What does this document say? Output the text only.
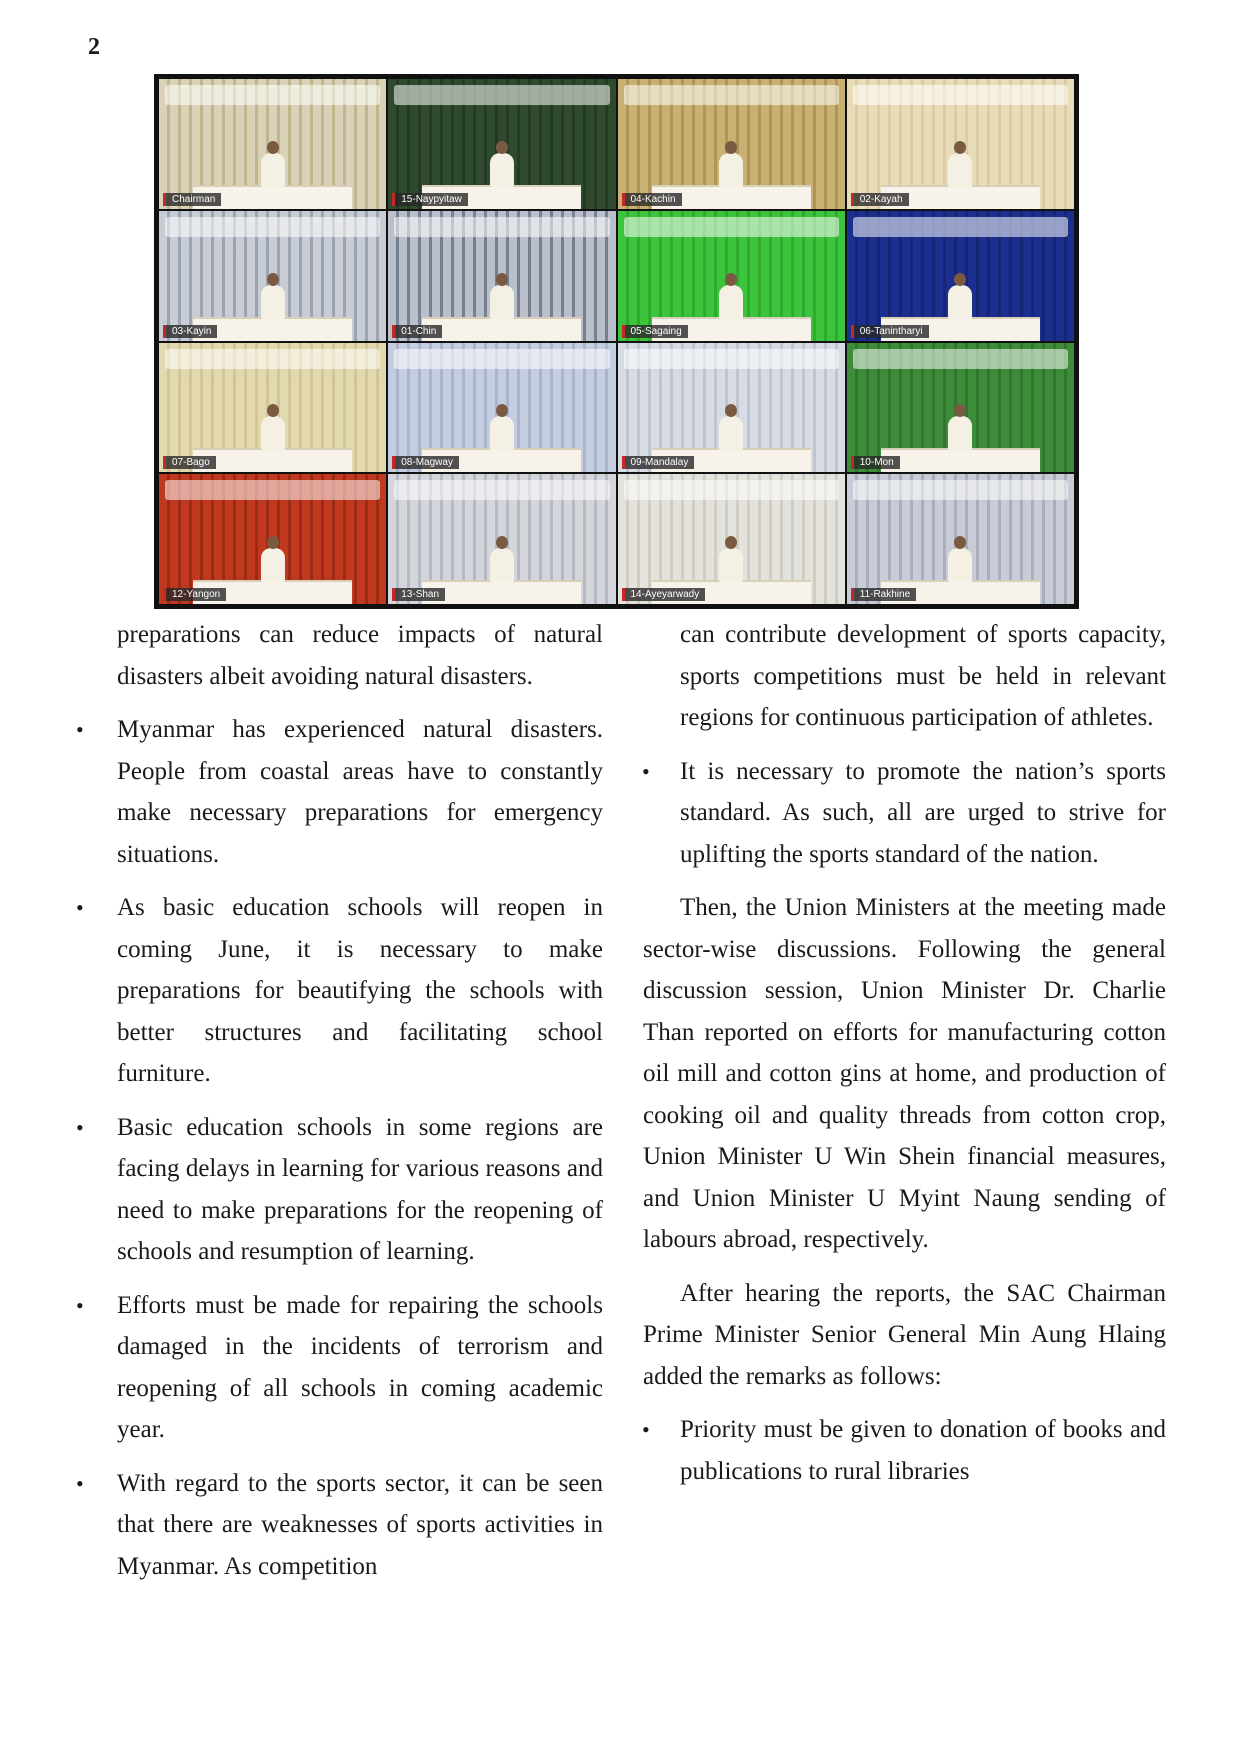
2
Chairman	15-Naypyitaw	04-Kachin	02-Kayah
03-Kayin	01-Chin	05-Sagaing	06-Tanintharyi
07-Bago	08-Magway	09-Mandalay	10-Mon
12-Yangon	13-Shan	14-Ayeyarwady	11-Rakhine

preparations can reduce impacts of natural disasters albeit avoiding natural disasters.

• Myanmar has experienced natural disasters. People from coastal areas have to constantly make necessary preparations for emergency situations.
• As basic education schools will reopen in coming June, it is necessary to make preparations for beautifying the schools with better structures and facilitating school furniture.
• Basic education schools in some regions are facing delays in learning for various reasons and need to make preparations for the reopening of schools and resumption of learning.
• Efforts must be made for repairing the schools damaged in the incidents of terrorism and reopening of all schools in coming academic year.
• With regard to the sports sector, it can be seen that there are weaknesses of sports activities in Myanmar. As competition

can contribute development of sports capacity, sports competitions must be held in relevant regions for continuous participation of athletes.

• It is necessary to promote the nation’s sports standard. As such, all are urged to strive for uplifting the sports standard of the nation.

Then, the Union Ministers at the meeting made sector-wise discussions. Following the general discussion session, Union Minister Dr. Charlie Than reported on efforts for manufacturing cotton oil mill and cotton gins at home, and production of cooking oil and quality threads from cotton crop, Union Minister U Win Shein financial measures, and Union Minister U Myint Naung sending of labours abroad, respectively.

After hearing the reports, the SAC Chairman Prime Minister Senior General Min Aung Hlaing added the remarks as follows:

• Priority must be given to donation of books and publications to rural libraries
